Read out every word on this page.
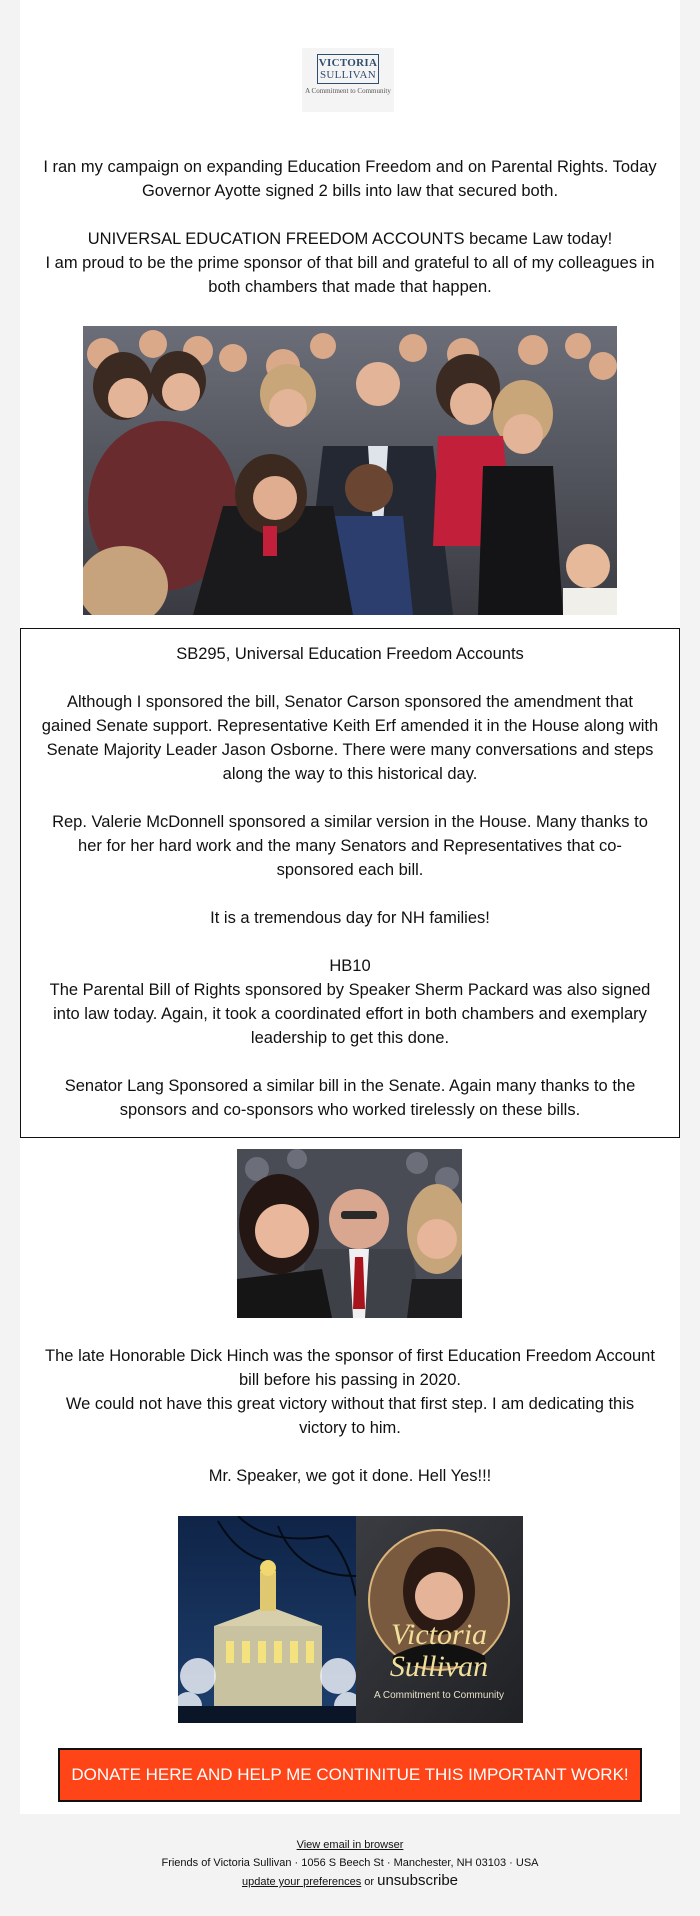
VICTORIA
SULLIVAN
A Commitment to Community

I ran my campaign on expanding Education Freedom and on Parental Rights. Today Governor Ayotte signed 2 bills into law that secured both.

UNIVERSAL EDUCATION FREEDOM ACCOUNTS became Law today!

I am proud to be the prime sponsor of that bill and grateful to all of my colleagues in both chambers that made that happen.

SB295, Universal Education Freedom Accounts

Although I sponsored the bill, Senator Carson sponsored the amendment that gained Senate support. Representative Keith Erf amended it in the House along with Senate Majority Leader Jason Osborne. There were many conversations and steps along the way to this historical day.

Rep. Valerie McDonnell sponsored a similar version in the House. Many thanks to her for her hard work and the many Senators and Representatives that co-sponsored each bill.

It is a tremendous day for NH families!

HB10

The Parental Bill of Rights sponsored by Speaker Sherm Packard was also signed into law today. Again, it took a coordinated effort in both chambers and exemplary leadership to get this done.

Senator Lang Sponsored a similar bill in the Senate. Again many thanks to the sponsors and co-sponsors who worked tirelessly on these bills.

The late Honorable Dick Hinch was the sponsor of first Education Freedom Account bill before his passing in 2020.

We could not have this great victory without that first step. I am dedicating this victory to him.

Mr. Speaker, we got it done. Hell Yes!!!

Victoria
Sullivan
A Commitment to Community
DONATE HERE AND HELP ME CONTINITUE THIS IMPORTANT WORK!
View email in browser
Friends of Victoria Sullivan · 1056 S Beech St · Manchester, NH 03103 · USA
update your preferences or unsubscribe
